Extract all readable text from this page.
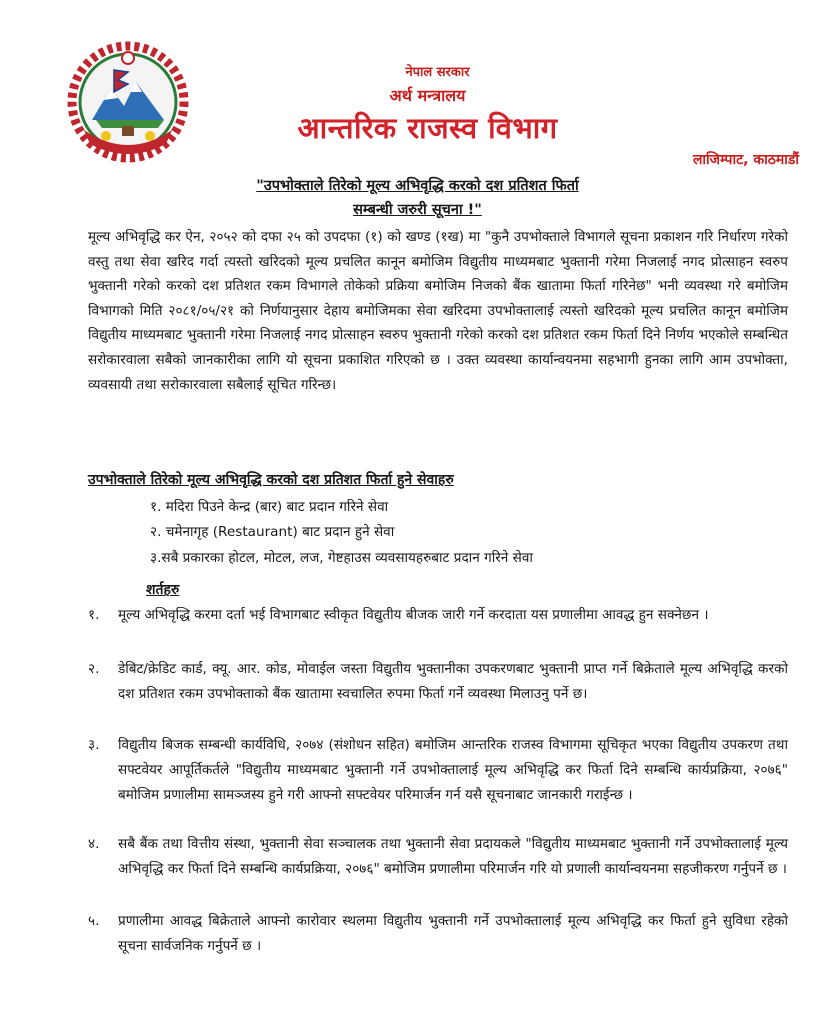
नेपाल सरकार
अर्थ मन्त्रालय
आन्तरिक राजस्व विभाग
लाजिम्पाट, काठमाडौं
"उपभोक्ताले तिरेको मूल्य अभिवृद्धि करको दश प्रतिशत फिर्ता
सम्बन्धी जरुरी सूचना !"
मूल्य अभिवृद्धि कर ऐन, २०५२ को दफा २५ को उपदफा (१) को खण्ड (१ख) मा "कुनै उपभोक्ताले विभागले सूचना प्रकाशन गरि निर्धारण गरेको वस्तु तथा सेवा खरिद गर्दा त्यस्तो खरिदको मूल्य प्रचलित कानून बमोजिम विद्युतीय माध्यमबाट भुक्तानी गरेमा निजलाई नगद प्रोत्साहन स्वरुप भुक्तानी गरेको करको दश प्रतिशत रकम विभागले तोकेको प्रक्रिया बमोजिम निजको बैंक खातामा फिर्ता गरिनेछ" भनी व्यवस्था गरे बमोजिम विभागको मिति २०८१/०५/२१ को निर्णयानुसार देहाय बमोजिमका सेवा खरिदमा उपभोक्तालाई त्यस्तो खरिदको मूल्य प्रचलित कानून बमोजिम विद्युतीय माध्यमबाट भुक्तानी गरेमा निजलाई नगद प्रोत्साहन स्वरुप भुक्तानी गरेको करको दश प्रतिशत रकम फिर्ता दिने निर्णय भएकोले सम्बन्धित सरोकारवाला सबैको जानकारीका लागि यो सूचना प्रकाशित गरिएको छ । उक्त व्यवस्था कार्यान्वयनमा सहभागी हुनका लागि आम उपभोक्ता, व्यवसायी तथा सरोकारवाला सबैलाई सूचित गरिन्छ।
उपभोक्ताले तिरेको मूल्य अभिवृद्धि करको दश प्रतिशत फिर्ता हुने सेवाहरु
१. मदिरा पिउने केन्द्र (बार) बाट प्रदान गरिने सेवा
२. चमेनागृह (Restaurant) बाट प्रदान हुने सेवा
३.सबै प्रकारका होटल, मोटल, लज, गेष्टहाउस व्यवसायहरुबाट प्रदान गरिने सेवा
शर्तहरु
१.	मूल्य अभिवृद्धि करमा दर्ता भई विभागबाट स्वीकृत विद्युतीय बीजक जारी गर्ने करदाता यस प्रणालीमा आवद्ध हुन सक्नेछन ।
२.	डेबिट/क्रेडिट कार्ड, क्यू. आर. कोड, मोवाईल जस्ता विद्युतीय भुक्तानीका उपकरणबाट भुक्तानी प्राप्त गर्ने बिक्रेताले मूल्य अभिवृद्धि करको दश प्रतिशत रकम उपभोक्ताको बैंक खातामा स्वचालित रुपमा फिर्ता गर्ने व्यवस्था मिलाउनु पर्ने छ।
३.	विद्युतीय बिजक सम्बन्धी कार्यविधि, २०७४ (संशोधन सहित) बमोजिम आन्तरिक राजस्व विभागमा सूचिकृत भएका विद्युतीय उपकरण तथा सफ्टवेयर आपूर्तिकर्तले "विद्युतीय माध्यमबाट भुक्तानी गर्ने उपभोक्तालाई मूल्य अभिवृद्धि कर फिर्ता दिने सम्बन्धि कार्यप्रक्रिया, २०७६" बमोजिम प्रणालीमा सामञ्जस्य हुने गरी आफ्नो सफ्टवेयर परिमार्जन गर्न यसै सूचनाबाट जानकारी गराईन्छ ।
४.	सबै बैंक तथा वित्तीय संस्था, भुक्तानी सेवा सञ्चालक तथा भुक्तानी सेवा प्रदायकले "विद्युतीय माध्यमबाट भुक्तानी गर्ने उपभोक्तालाई मूल्य अभिवृद्धि कर फिर्ता दिने सम्बन्धि कार्यप्रक्रिया, २०७६" बमोजिम प्रणालीमा परिमार्जन गरि यो प्रणाली कार्यान्वयनमा सहजीकरण गर्नुपर्ने छ ।
५.	प्रणालीमा आवद्ध बिक्रेताले आफ्नो कारोवार स्थलमा विद्युतीय भुक्तानी गर्ने उपभोक्तालाई मूल्य अभिवृद्धि कर फिर्ता हुने सुविधा रहेको सूचना सार्वजनिक गर्नुपर्ने छ ।
